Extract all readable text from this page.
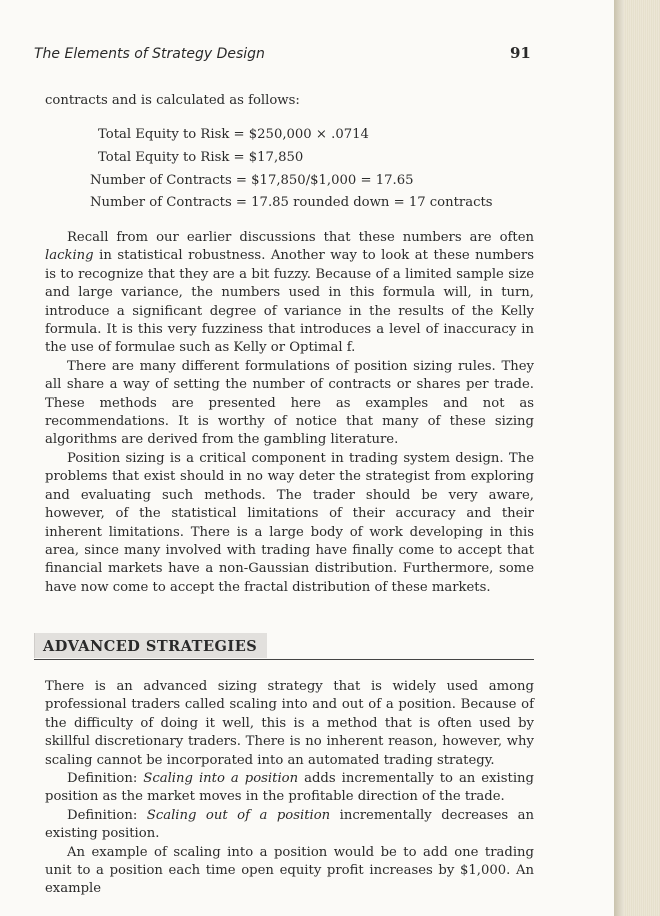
The Elements of Strategy Design	91

contracts and is calculated as follows:

Total Equity to Risk = $250,000 × .0714
Total Equity to Risk = $17,850
Number of Contracts = $17,850/$1,000 = 17.65
Number of Contracts = 17.85 rounded down = 17 contracts

Recall from our earlier discussions that these numbers are often lacking in statistical robustness. Another way to look at these numbers is to recognize that they are a bit fuzzy. Because of a limited sample size and large variance, the numbers used in this formula will, in turn, introduce a significant degree of variance in the results of the Kelly formula. It is this very fuzziness that introduces a level of inaccuracy in the use of formulae such as Kelly or Optimal f.

There are many different formulations of position sizing rules. They all share a way of setting the number of contracts or shares per trade. These methods are presented here as examples and not as recommendations. It is worthy of notice that many of these sizing algorithms are derived from the gambling literature.

Position sizing is a critical component in trading system design. The problems that exist should in no way deter the strategist from exploring and evaluating such methods. The trader should be very aware, however, of the statistical limitations of their accuracy and their inherent limitations. There is a large body of work developing in this area, since many involved with trading have finally come to accept that financial markets have a non-Gaussian distribution. Furthermore, some have now come to accept the fractal distribution of these markets.

ADVANCED STRATEGIES

There is an advanced sizing strategy that is widely used among professional traders called scaling into and out of a position. Because of the difficulty of doing it well, this is a method that is often used by skillful discretionary traders. There is no inherent reason, however, why scaling cannot be incorporated into an automated trading strategy.

Definition: Scaling into a position adds incrementally to an existing position as the market moves in the profitable direction of the trade.

Definition: Scaling out of a position incrementally decreases an existing position.

An example of scaling into a position would be to add one trading unit to a position each time open equity profit increases by $1,000. An example
